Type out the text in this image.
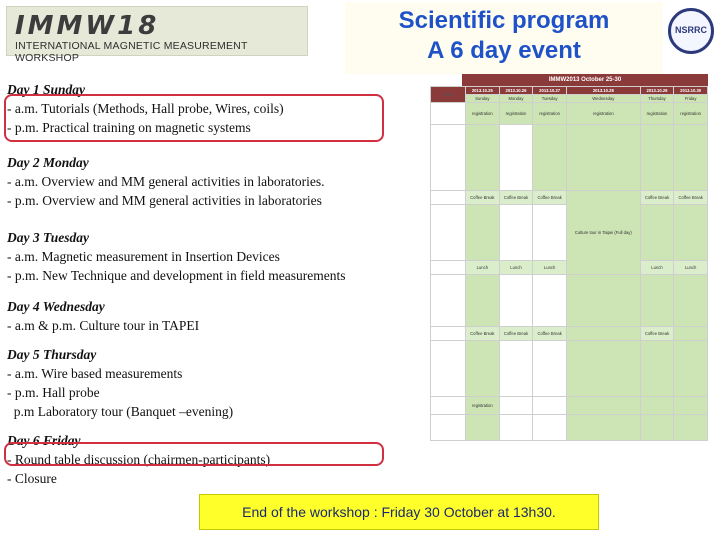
IMMW18
INTERNATIONAL MAGNETIC MEASUREMENT WORKSHOP
Scientific program
A 6 day event
NSRRC
Day 1 Sunday
- a.m. Tutorials (Methods, Hall probe, Wires, coils)
- p.m. Practical training on magnetic systems
Day 2 Monday
- a.m. Overview and MM general activities in laboratories.
- p.m. Overview and MM general activities in laboratories
Day 3 Tuesday
- a.m. Magnetic measurement in Insertion Devices
- p.m. New Technique and development in field measurements
Day 4 Wednesday
- a.m & p.m. Culture tour in TAPEI
Day 5 Thursday
- a.m. Wire based measurements
- p.m. Hall probe
p.m Laboratory tour (Banquet –evening)
Day 6 Friday
- Round table discussion (chairmen-participants)
- Closure
IMMW2013 October 25-30
Time	2013.10.25	2013.10.26	2013.10.27	2013.10.28	2013.10.29	2013.10.30
	Sunday	Monday	Tuesday	Wednesday	Thursday	Friday
	registration	registration	registration	registration	registration	registration

	Coffee Break	Coffee Break	Coffee Break	Culture tour in Taipei (Full day)	Coffee Break	Coffee Break

	Lunch	Lunch	Lunch		Lunch	Lunch

	Coffee Break	Coffee Break	Coffee Break		Coffee Break	

	registration					

End of the workshop : Friday 30 October at 13h30.
